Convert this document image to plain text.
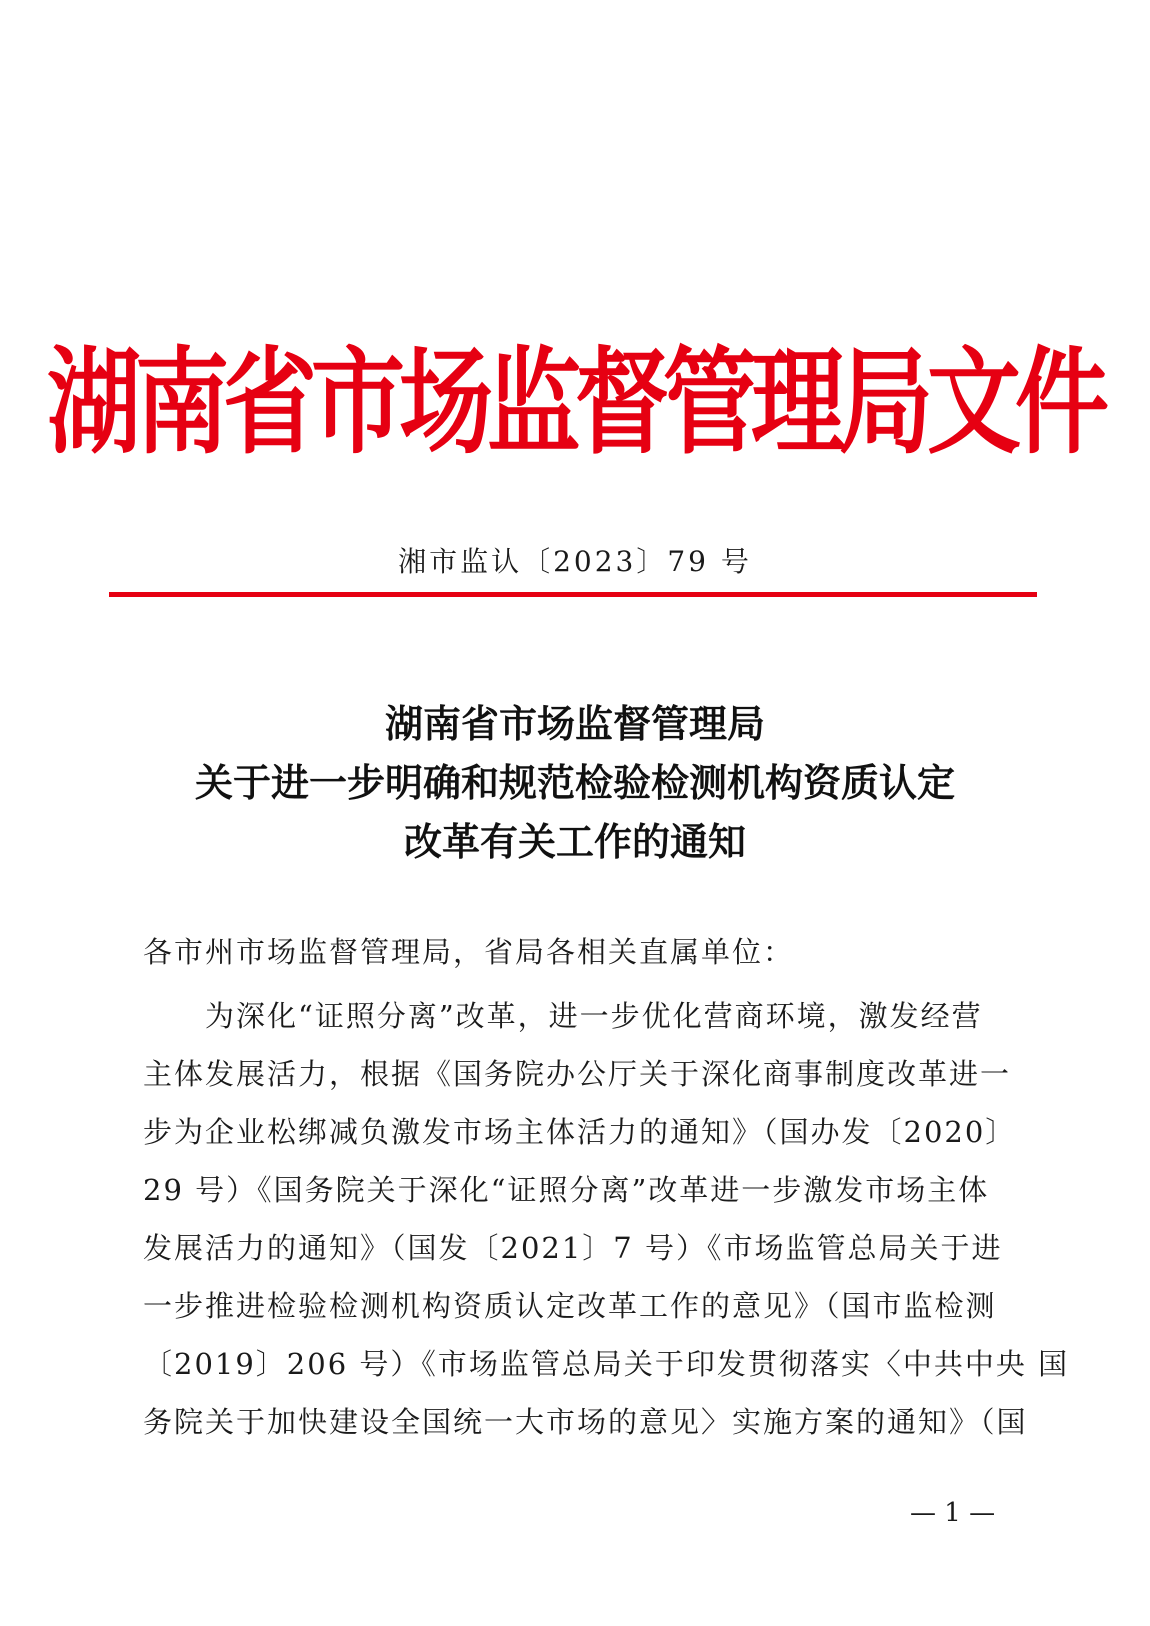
湖南省市场监督管理局文件
湘市监认〔2023〕79 号
湖南省市场监督管理局
关于进一步明确和规范检验检测机构资质认定
改革有关工作的通知
各市州市场监督管理局，省局各相关直属单位：
为深化“证照分离”改革，进一步优化营商环境，激发经营
主体发展活力，根据《国务院办公厅关于深化商事制度改革进一
步为企业松绑减负激发市场主体活力的通知》（国办发〔2020〕
29 号）《国务院关于深化“证照分离”改革进一步激发市场主体
发展活力的通知》（国发〔2021〕7 号）《市场监管总局关于进
一步推进检验检测机构资质认定改革工作的意见》（国市监检测
〔2019〕206 号）《市场监管总局关于印发贯彻落实〈中共中央 国
务院关于加快建设全国统一大市场的意见〉实施方案的通知》（国
— 1 —
